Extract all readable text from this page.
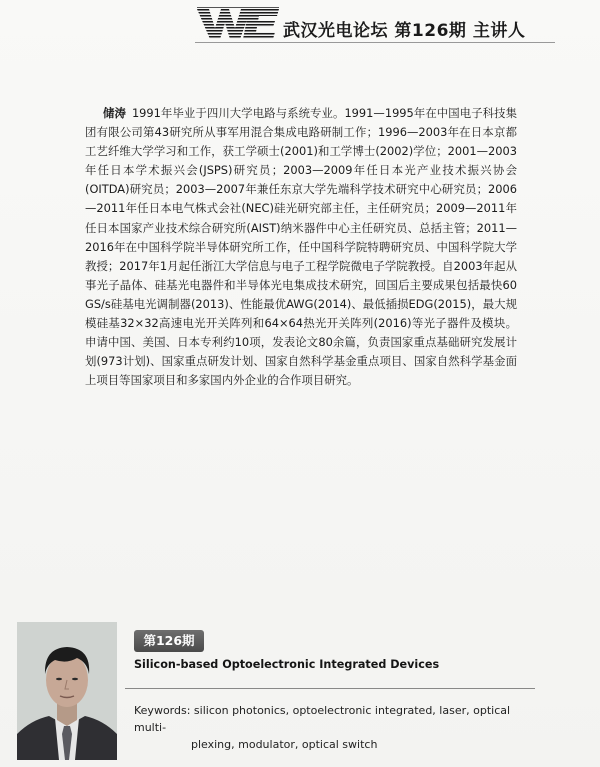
武汉光电论坛 第126期 主讲人
储涛 1991年毕业于四川大学电路与系统专业。1991—1995年在中国电子科技集团有限公司第43研究所从事军用混合集成电路研制工作；1996—2003年在日本京都工艺纤维大学学习和工作，获工学硕士(2001)和工学博士(2002)学位；2001—2003年任日本学术振兴会(JSPS)研究员；2003—2009年任日本光产业技术振兴协会(OITDA)研究员；2003—2007年兼任东京大学先端科学技术研究中心研究员；2006—2011年任日本电气株式会社(NEC)硅光研究部主任，主任研究员；2009—2011年任日本国家产业技术综合研究所(AIST)纳米器件中心主任研究员、总括主管；2011—2016年在中国科学院半导体研究所工作，任中国科学院特聘研究员、中国科学院大学教授；2017年1月起任浙江大学信息与电子工程学院微电子学院教授。自2003年起从事光子晶体、硅基光电器件和半导体光电集成技术研究，回国后主要成果包括最快60 GS/s硅基电光调制器(2013)、性能最优AWG(2014)、最低插损EDG(2015)，最大规模硅基32×32高速电光开关阵列和64×64热光开关阵列(2016)等光子器件及模块。申请中国、美国、日本专利约10项，发表论文80余篇，负责国家重点基础研究发展计划(973计划)、国家重点研发计划、国家自然科学基金重点项目、国家自然科学基金面上项目等国家项目和多家国内外企业的合作项目研究。
第126期
Silicon-based Optoelectronic Integrated Devices
Keywords: silicon photonics, optoelectronic integrated, laser, optical multi-
plexing, modulator, optical switch
